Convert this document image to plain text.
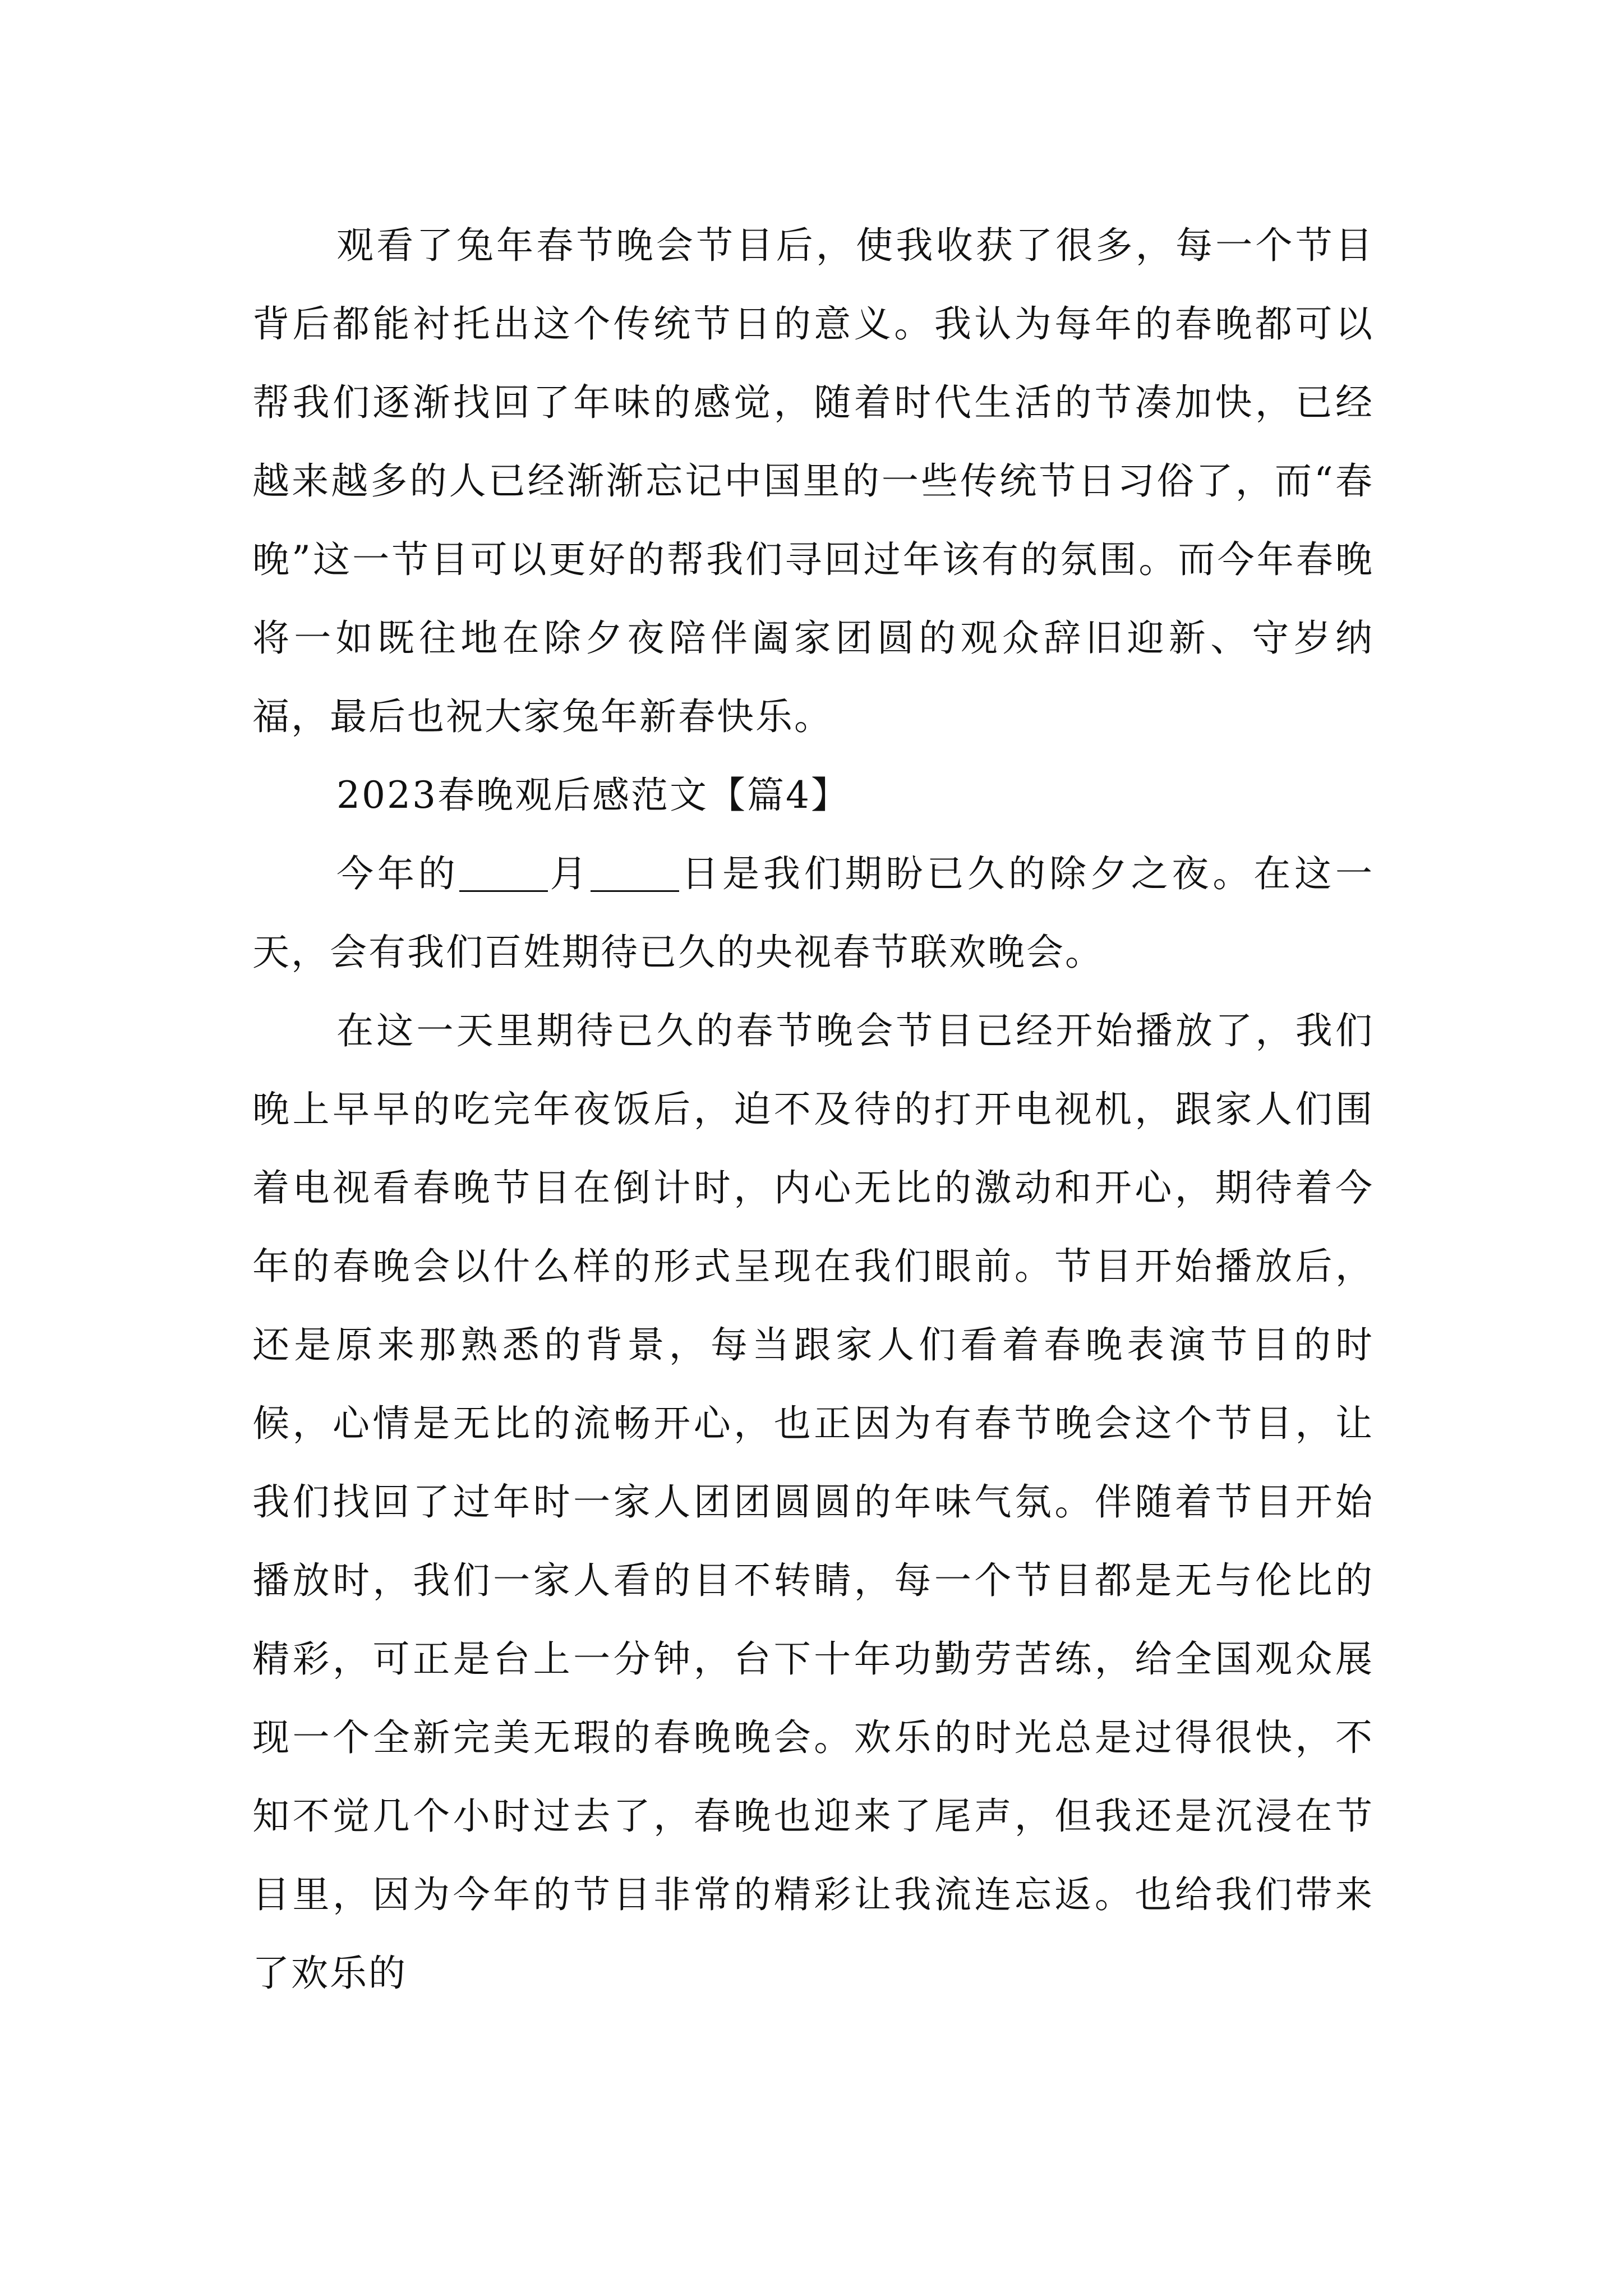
观看了兔年春节晚会节目后，使我收获了很多，每一个节目背后都能衬托出这个传统节日的意义。我认为每年的春晚都可以帮我们逐渐找回了年味的感觉，随着时代生活的节凑加快，已经越来越多的人已经渐渐忘记中国里的一些传统节日习俗了，而“春晚”这一节目可以更好的帮我们寻回过年该有的氛围。而今年春晚将一如既往地在除夕夜陪伴阖家团圆的观众辞旧迎新、守岁纳福，最后也祝大家兔年新春快乐。

2023春晚观后感范文【篇4】

今年的 月 日是我们期盼已久的除夕之夜。在这一天，会有我们百姓期待已久的央视春节联欢晚会。

在这一天里期待已久的春节晚会节目已经开始播放了，我们晚上早早的吃完年夜饭后，迫不及待的打开电视机，跟家人们围着电视看春晚节目在倒计时，内心无比的激动和开心，期待着今年的春晚会以什么样的形式呈现在我们眼前。节目开始播放后，还是原来那熟悉的背景，每当跟家人们看着春晚表演节目的时候，心情是无比的流畅开心，也正因为有春节晚会这个节目，让我们找回了过年时一家人团团圆圆的年味气氛。伴随着节目开始播放时，我们一家人看的目不转睛，每一个节目都是无与伦比的精彩，可正是台上一分钟，台下十年功勤劳苦练，给全国观众展现一个全新完美无瑕的春晚晚会。欢乐的时光总是过得很快，不知不觉几个小时过去了，春晚也迎来了尾声，但我还是沉浸在节目里，因为今年的节目非常的精彩让我流连忘返。也给我们带来了欢乐的
